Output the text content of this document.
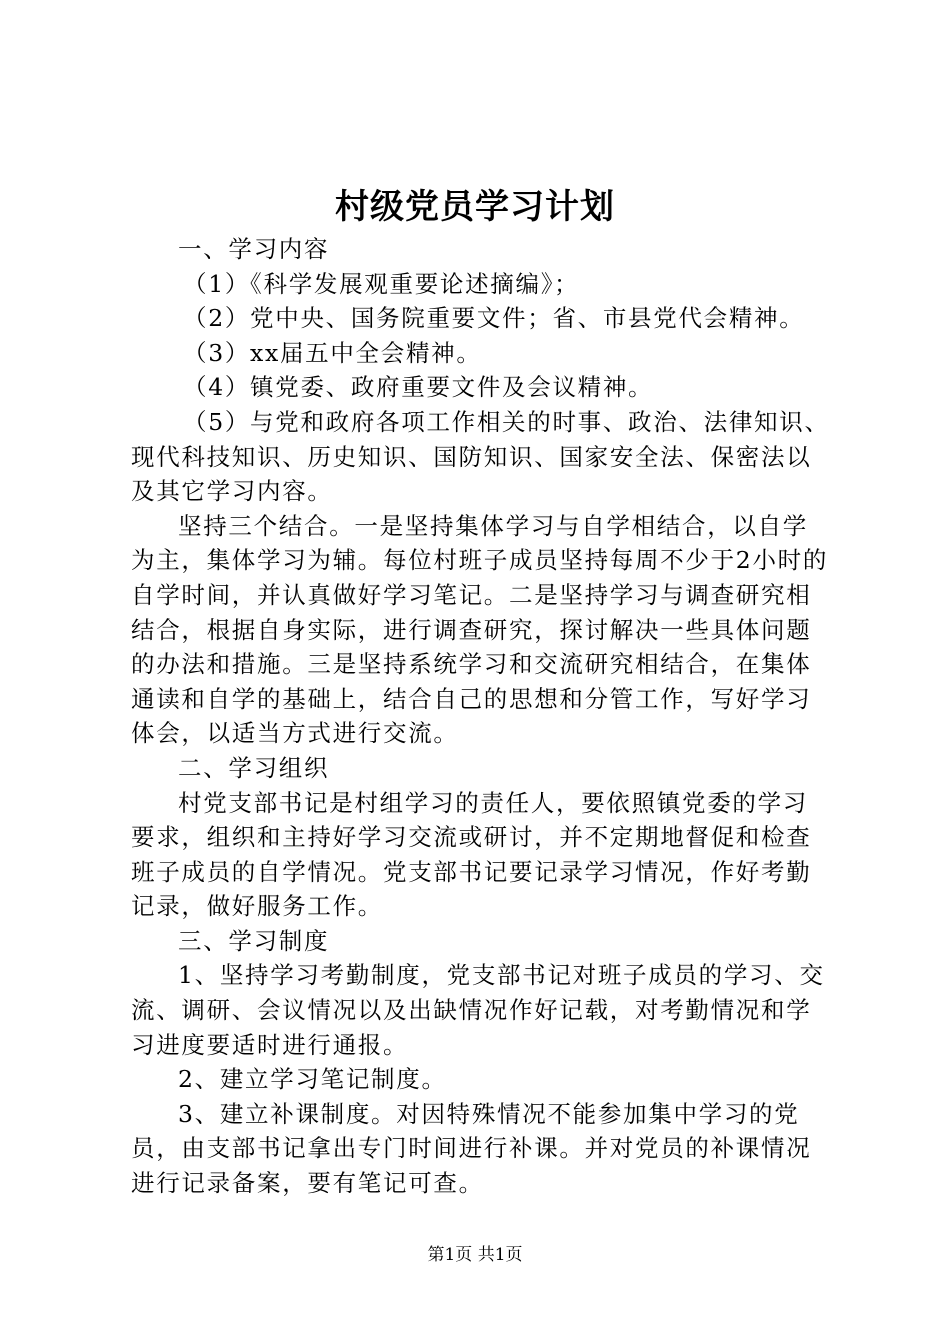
村级党员学习计划

一、学习内容

（1）《科学发展观重要论述摘编》；

（2）党中央、国务院重要文件；省、市县党代会精神。

（3）xx届五中全会精神。

（4）镇党委、政府重要文件及会议精神。

（5）与党和政府各项工作相关的时事、政治、法律知识、现代科技知识、历史知识、国防知识、国家安全法、保密法以及其它学习内容。

坚持三个结合。一是坚持集体学习与自学相结合，以自学为主，集体学习为辅。每位村班子成员坚持每周不少于2小时的自学时间，并认真做好学习笔记。二是坚持学习与调查研究相结合，根据自身实际，进行调查研究，探讨解决一些具体问题的办法和措施。三是坚持系统学习和交流研究相结合，在集体通读和自学的基础上，结合自己的思想和分管工作，写好学习体会，以适当方式进行交流。

二、学习组织

村党支部书记是村组学习的责任人，要依照镇党委的学习要求，组织和主持好学习交流或研讨，并不定期地督促和检查班子成员的自学情况。党支部书记要记录学习情况，作好考勤记录，做好服务工作。

三、学习制度

1、坚持学习考勤制度，党支部书记对班子成员的学习、交流、调研、会议情况以及出缺情况作好记载，对考勤情况和学习进度要适时进行通报。

2、建立学习笔记制度。

3、建立补课制度。对因特殊情况不能参加集中学习的党员，由支部书记拿出专门时间进行补课。并对党员的补课情况进行记录备案，要有笔记可查。

第1页 共1页
